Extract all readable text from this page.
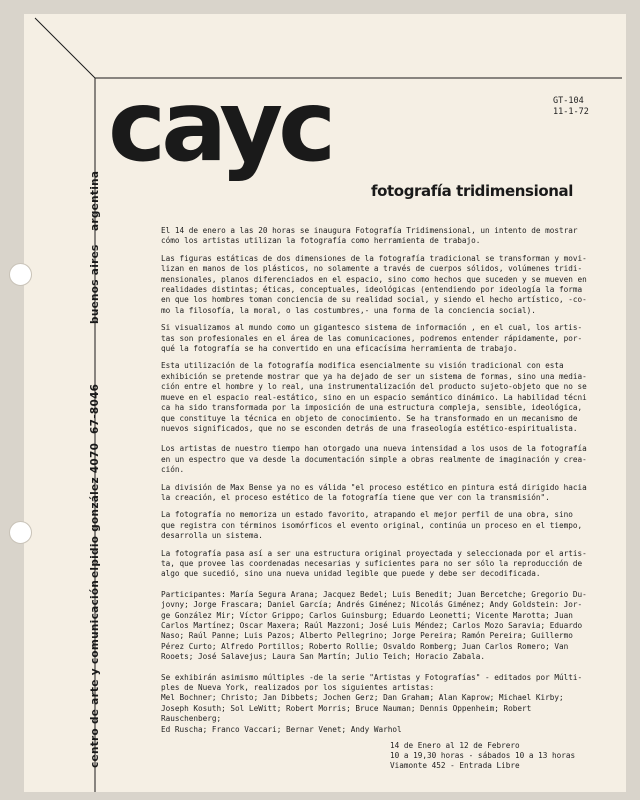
cayc	GT-104
11-1-72
fotografía tridimensional
centro de arte y comunicaciónelpidio gonzález 407067-8046buenos airesargentina	El 14 de enero a las 20 horas se inaugura Fotografía Tridimensional, un intento de mostrar
cómo los artistas utilizan la fotografía como herramienta de trabajo.

Las figuras estáticas de dos dimensiones de la fotografía tradicional se transforman y movi-
lizan en manos de los plásticos, no solamente a través de cuerpos sólidos, volúmenes tridi-
mensionales, planos diferenciados en el espacio, sino como hechos que suceden y se mueven en
realidades distintas; éticas, conceptuales, ideológicas (entendiendo por ideología la forma
en que los hombres toman conciencia de su realidad social, y siendo el hecho artístico, -co-
mo la filosofía, la moral, o las costumbres,- una forma de la conciencia social).

Si visualizamos al mundo como un gigantesco sistema de información , en el cual, los artis-
tas son profesionales en el área de las comunicaciones, podremos entender rápidamente, por-
qué la fotografía se ha convertido en una eficacísima herramienta de trabajo.

Esta utilización de la fotografía modifica esencialmente su visión tradicional con esta
exhibición se pretende mostrar que ya ha dejado de ser un sistema de formas, sino una media-
ción entre el hombre y lo real, una instrumentalización del producto sujeto-objeto que no se
mueve en el espacio real-estático, sino en un espacio semántico dinámico. La habilidad técni
ca ha sido transformada por la imposición de una estructura compleja, sensible, ideológica,
que constituye la técnica en objeto de conocimiento. Se ha transformado en un mecanismo de
nuevos significados, que no se esconden detrás de una fraseología estético-espiritualista.

Los artistas de nuestro tiempo han otorgado una nueva intensidad a los usos de la fotografía
en un espectro que va desde la documentación simple a obras realmente de imaginación y crea-
ción.

La división de Max Bense ya no es válida "el proceso estético en pintura está dirigido hacia
la creación, el proceso estético de la fotografía tiene que ver con la transmisión".

La fotografía no memoriza un estado favorito, atrapando el mejor perfil de una obra, sino
que registra con términos isomórficos el evento original, continúa un proceso en el tiempo,
desarrolla un sistema.

La fotografía pasa así a ser una estructura original proyectada y seleccionada por el artis-
ta, que provee las coordenadas necesarias y suficientes para no ser sólo la reproducción de
algo que sucedió, sino una nueva unidad legible que puede y debe ser decodificada.

Participantes: María Segura Arana; Jacquez Bedel; Luis Benedit; Juan Bercetche; Gregorio Du-
jovny; Jorge Frascara; Daniel García; Andrés Giménez; Nicolás Giménez; Andy Goldstein: Jor-
ge González Mir; Víctor Grippo; Carlos Guinsburg; Eduardo Leonetti; Vicente Marotta; Juan
Carlos Martínez; Oscar Maxera; Raúl Mazzoni; José Luis Méndez; Carlos Mozo Saravia; Eduardo
Naso; Raúl Panne; Luis Pazos; Alberto Pellegrino; Jorge Pereira; Ramón Pereira; Guillermo
Pérez Curto; Alfredo Portillos; Roberto Rollie; Osvaldo Romberg; Juan Carlos Romero; Van
Rooets; José Salavejus; Laura San Martín; Julio Teich; Horacio Zabala.

Se exhibirán asimismo múltiples -de la serie "Artistas y Fotografías" - editados por Múlti-
ples de Nueva York, realizados por los siguientes artistas:
Mel Bochner; Christo; Jan Dibbets; Jochen Gerz; Dan Graham; Alan Kaprow; Michael Kirby;
Joseph Kosuth; Sol LeWitt; Robert Morris; Bruce Nauman; Dennis Oppenheim; Robert Rauschenberg;
Ed Ruscha; Franco Vaccari; Bernar Venet; Andy Warhol

14 de Enero al 12 de Febrero
10 a 19,30 horas - sábados 10 a 13 horas
Viamonte 452 - Entrada Libre
